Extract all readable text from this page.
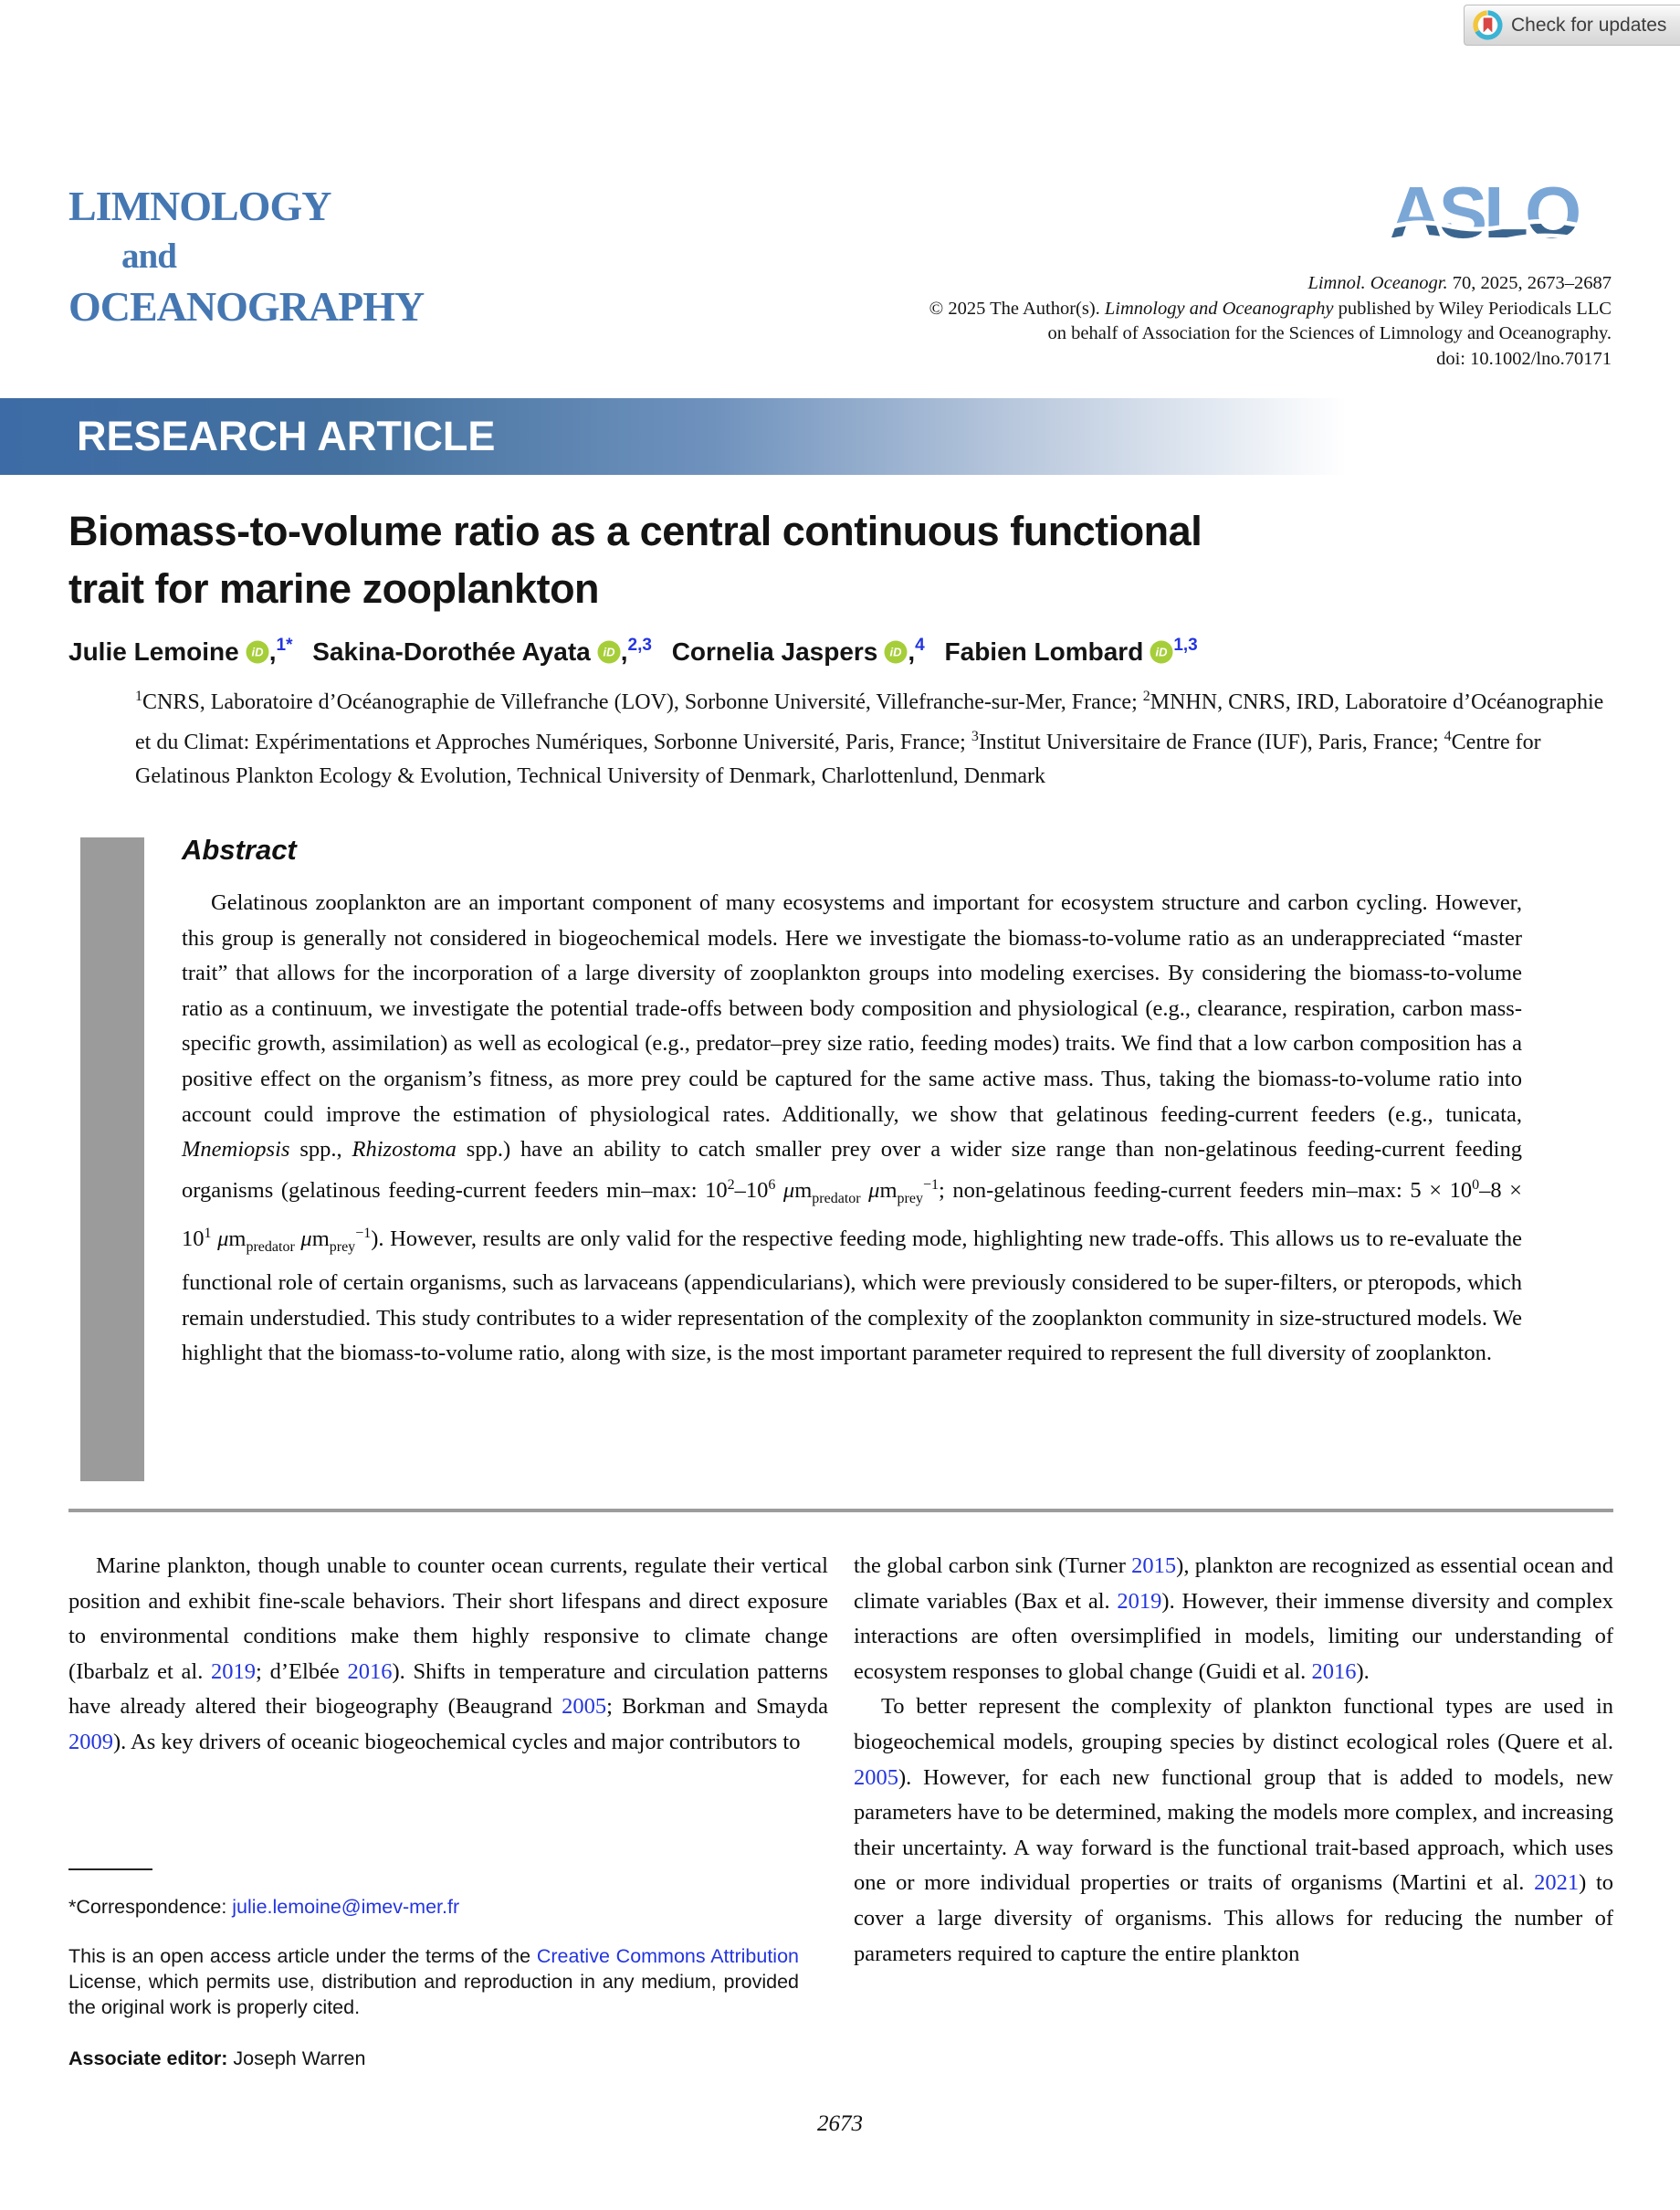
Check for updates
LIMNOLOGY
and
OCEANOGRAPHY	Limnol. Oceanogr. 70, 2025, 2673–2687
© 2025 The Author(s). Limnology and Oceanography published by Wiley Periodicals LLC
on behalf of Association for the Sciences of Limnology and Oceanography.
doi: 10.1002/lno.70171
RESEARCH ARTICLE
Biomass-to-volume ratio as a central continuous functional
trait for marine zooplankton
Julie Lemoine iD ,$^{1*}$ Sakina-Dorothée Ayata iD ,$^{2,3}$ Cornelia Jaspers iD ,$^4$ Fabien Lombard iD $^{1,3}$
$^1$CNRS, Laboratoire d’Océanographie de Villefranche (LOV), Sorbonne Université, Villefranche-sur-Mer, France; $^2$MNHN, CNRS, IRD, Laboratoire d’Océanographie et du Climat: Expérimentations et Approches Numériques, Sorbonne Université, Paris, France; $^3$Institut Universitaire de France (IUF), Paris, France; $^4$Centre for Gelatinous Plankton Ecology & Evolution, Technical University of Denmark, Charlottenlund, Denmark
Abstract
Gelatinous zooplankton are an important component of many ecosystems and important for ecosystem structure and carbon cycling. However, this group is generally not considered in biogeochemical models. Here we investigate the biomass-to-volume ratio as an underappreciated “master trait” that allows for the incorporation of a large diversity of zooplankton groups into modeling exercises. By considering the biomass-to-volume ratio as a continuum, we investigate the potential trade-offs between body composition and physiological (e.g., clearance, respiration, carbon mass-specific growth, assimilation) as well as ecological (e.g., predator–prey size ratio, feeding modes) traits. We find that a low carbon composition has a positive effect on the organism’s fitness, as more prey could be captured for the same active mass. Thus, taking the biomass-to-volume ratio into account could improve the estimation of physiological rates. Additionally, we show that gelatinous feeding-current feeders (e.g., tunicata, Mnemiopsis spp., Rhizostoma spp.) have an ability to catch smaller prey over a wider size range than non-gelatinous feeding-current feeding organisms (gelatinous feeding-current feeders min–max: $10^2-10^6$ $\mu m_{predator}$ $\mu m_{prey}^{-1}$; non-gelatinous feeding-current feeders min–max: $5 \times 10^0-8 \times 10^1$ $\mu m_{predator}$ $\mu m_{prey}^{-1}$). However, results are only valid for the respective feeding mode, highlighting new trade-offs. This allows us to re-evaluate the functional role of certain organisms, such as larvaceans (appendicularians), which were previously considered to be super-filters, or pteropods, which remain understudied. This study contributes to a wider representation of the complexity of the zooplankton community in size-structured models. We highlight that the biomass-to-volume ratio, along with size, is the most important parameter required to represent the full diversity of zooplankton.

Marine plankton, though unable to counter ocean currents, regulate their vertical position and exhibit fine-scale behaviors. Their short lifespans and direct exposure to environmental conditions make them highly responsive to climate change (Ibarbalz et al. 2019; d’Elbée 2016). Shifts in temperature and circulation patterns have already altered their biogeography (Beaugrand 2005; Borkman and Smayda 2009). As key drivers of oceanic biogeochemical cycles and major contributors to

the global carbon sink (Turner 2015), plankton are recognized as essential ocean and climate variables (Bax et al. 2019). However, their immense diversity and complex interactions are often oversimplified in models, limiting our understanding of ecosystem responses to global change (Guidi et al. 2016).

To better represent the complexity of plankton functional types are used in biogeochemical models, grouping species by distinct ecological roles (Quere et al. 2005). However, for each new functional group that is added to models, new parameters have to be determined, making the models more complex, and increasing their uncertainty. A way forward is the functional trait-based approach, which uses one or more individual properties or traits of organisms (Martini et al. 2021) to cover a large diversity of organisms. This allows for reducing the number of parameters required to capture the entire plankton

*Correspondence: julie.lemoine@imev-mer.fr
This is an open access article under the terms of the Creative Commons Attribution License, which permits use, distribution and reproduction in any medium, provided the original work is properly cited.
Associate editor: Joseph Warren
2673
